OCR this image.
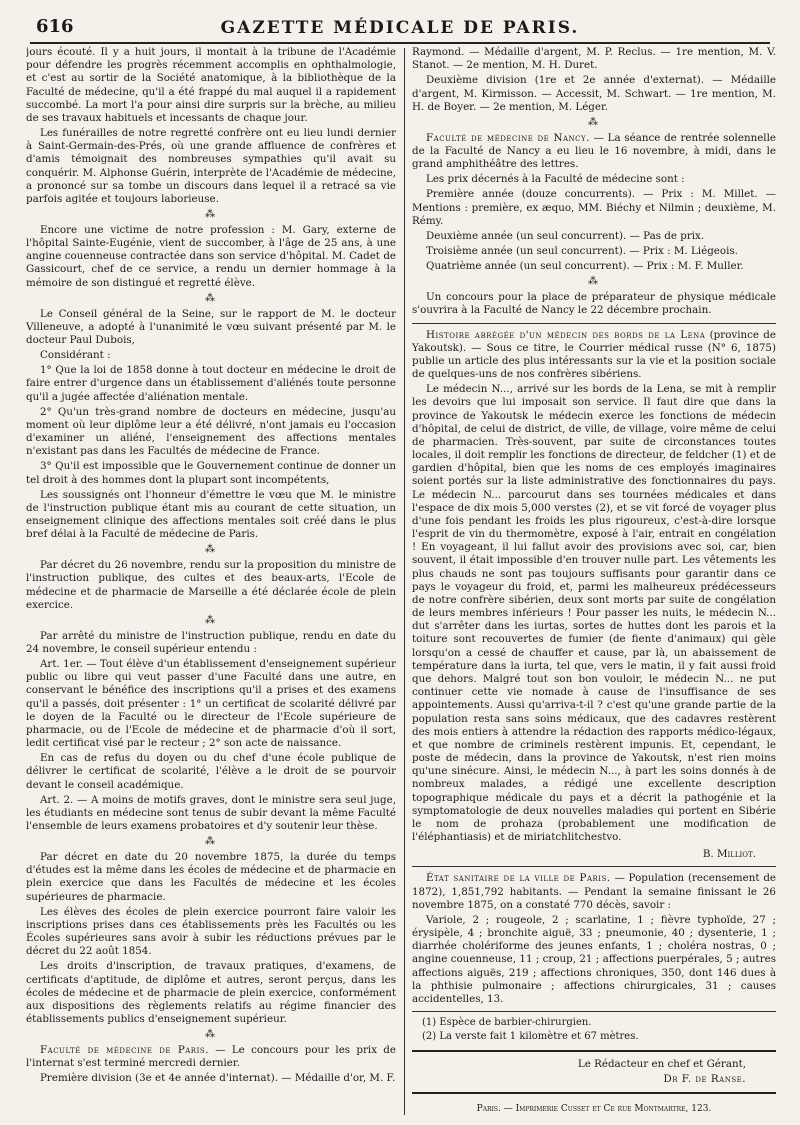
616	GAZETTE MÉDICALE DE PARIS.

jours écouté. Il y a huit jours, il montait à la tribune de l'Académie pour défendre les progrès récemment accomplis en ophthalmologie, et c'est au sortir de la Société anatomique, à la bibliothèque de la Faculté de médecine, qu'il a été frappé du mal auquel il a rapidement succombé. La mort l'a pour ainsi dire surpris sur la brèche, au milieu de ses travaux habituels et incessants de chaque jour.

Les funérailles de notre regretté confrère ont eu lieu lundi dernier à Saint-Germain-des-Prés, où une grande affluence de confrères et d'amis témoignait des nombreuses sympathies qu'il avait su conquérir. M. Alphonse Guérin, interprète de l'Académie de médecine, a prononcé sur sa tombe un discours dans lequel il a retracé sa vie parfois agitée et toujours laborieuse.

⁂

Encore une victime de notre profession : M. Gary, externe de l'hôpital Sainte-Eugénie, vient de succomber, à l'âge de 25 ans, à une angine couenneuse contractée dans son service d'hôpital. M. Cadet de Gassicourt, chef de ce service, a rendu un dernier hommage à la mémoire de son distingué et regretté élève.

⁂

Le Conseil général de la Seine, sur le rapport de M. le docteur Villeneuve, a adopté à l'unanimité le vœu suivant présenté par M. le docteur Paul Dubois,

Considérant :

1° Que la loi de 1858 donne à tout docteur en médecine le droit de faire entrer d'urgence dans un établissement d'aliénés toute personne qu'il a jugée affectée d'aliénation mentale.

2° Qu'un très-grand nombre de docteurs en médecine, jusqu'au moment où leur diplôme leur a été délivré, n'ont jamais eu l'occasion d'examiner un aliéné, l'enseignement des affections mentales n'existant pas dans les Facultés de médecine de France.

3° Qu'il est impossible que le Gouvernement continue de donner un tel droit à des hommes dont la plupart sont incompétents,

Les soussignés ont l'honneur d'émettre le vœu que M. le ministre de l'instruction publique étant mis au courant de cette situation, un enseignement clinique des affections mentales soit créé dans le plus bref délai à la Faculté de médecine de Paris.

⁂

Par décret du 26 novembre, rendu sur la proposition du ministre de l'instruction publique, des cultes et des beaux-arts, l'Ecole de médecine et de pharmacie de Marseille a été déclarée école de plein exercice.

⁂

Par arrêté du ministre de l'instruction publique, rendu en date du 24 novembre, le conseil supérieur entendu :

Art. 1er. — Tout élève d'un établissement d'enseignement supérieur public ou libre qui veut passer d'une Faculté dans une autre, en conservant le bénéfice des inscriptions qu'il a prises et des examens qu'il a passés, doit présenter : 1° un certificat de scolarité délivré par le doyen de la Faculté ou le directeur de l'Ecole supérieure de pharmacie, ou de l'Ecole de médecine et de pharmacie d'où il sort, ledit certificat visé par le recteur ; 2° son acte de naissance.

En cas de refus du doyen ou du chef d'une école publique de délivrer le certificat de scolarité, l'élève a le droit de se pourvoir devant le conseil académique.

Art. 2. — A moins de motifs graves, dont le ministre sera seul juge, les étudiants en médecine sont tenus de subir devant la même Faculté l'ensemble de leurs examens probatoires et d'y soutenir leur thèse.

⁂

Par décret en date du 20 novembre 1875, la durée du temps d'études est la même dans les écoles de médecine et de pharmacie en plein exercice que dans les Facultés de médecine et les écoles supérieures de pharmacie.

Les élèves des écoles de plein exercice pourront faire valoir les inscriptions prises dans ces établissements près les Facultés ou les Écoles supérieures sans avoir à subir les réductions prévues par le décret du 22 août 1854.

Les droits d'inscription, de travaux pratiques, d'examens, de certificats d'aptitude, de diplôme et autres, seront perçus, dans les écoles de médecine et de pharmacie de plein exercice, conformément aux dispositions des règlements relatifs au régime financier des établissements publics d'enseignement supérieur.

⁂

Faculté de médecine de Paris. — Le concours pour les prix de l'internat s'est terminé mercredi dernier.

Première division (3e et 4e année d'internat). — Médaille d'or, M. F.

Raymond. — Médaille d'argent, M. P. Reclus. — 1re mention, M. V. Stanot. — 2e mention, M. H. Duret.

Deuxième division (1re et 2e année d'externat). — Médaille d'argent, M. Kirmisson. — Accessit, M. Schwart. — 1re mention, M. H. de Boyer. — 2e mention, M. Léger.

⁂

Faculté de médecine de Nancy. — La séance de rentrée solennelle de la Faculté de Nancy a eu lieu le 16 novembre, à midi, dans le grand amphithéâtre des lettres.

Les prix décernés à la Faculté de médecine sont :

Première année (douze concurrents). — Prix : M. Millet. — Mentions : première, ex æquo, MM. Biéchy et Nilmin ; deuxième, M. Rémy.

Deuxième année (un seul concurrent). — Pas de prix.

Troisième année (un seul concurrent). — Prix : M. Liégeois.

Quatrième année (un seul concurrent). — Prix : M. F. Muller.

⁂

Un concours pour la place de préparateur de physique médicale s'ouvrira à la Faculté de Nancy le 22 décembre prochain.

Histoire abrégée d'un médecin des bords de la Lena (province de Yakoutsk). — Sous ce titre, le Courrier médical russe (N° 6, 1875) publie un article des plus intéressants sur la vie et la position sociale de quelques-uns de nos confrères sibériens.

Le médecin N..., arrivé sur les bords de la Lena, se mit à remplir les devoirs que lui imposait son service. Il faut dire que dans la province de Yakoutsk le médecin exerce les fonctions de médecin d'hôpital, de celui de district, de ville, de village, voire même de celui de pharmacien. Très-souvent, par suite de circonstances toutes locales, il doit remplir les fonctions de directeur, de feldcher (1) et de gardien d'hôpital, bien que les noms de ces employés imaginaires soient portés sur la liste administrative des fonctionnaires du pays. Le médecin N... parcourut dans ses tournées médicales et dans l'espace de dix mois 5,000 verstes (2), et se vit forcé de voyager plus d'une fois pendant les froids les plus rigoureux, c'est-à-dire lorsque l'esprit de vin du thermomètre, exposé à l'air, entrait en congélation ! En voyageant, il lui fallut avoir des provisions avec soi, car, bien souvent, il était impossible d'en trouver nulle part. Les vêtements les plus chauds ne sont pas toujours suffisants pour garantir dans ce pays le voyageur du froid, et, parmi les malheureux prédécesseurs de notre confrère sibérien, deux sont morts par suite de congélation de leurs membres inférieurs ! Pour passer les nuits, le médecin N... dut s'arrêter dans les iurtas, sortes de huttes dont les parois et la toiture sont recouvertes de fumier (de fiente d'animaux) qui gèle lorsqu'on a cessé de chauffer et cause, par là, un abaissement de température dans la iurta, tel que, vers le matin, il y fait aussi froid que dehors. Malgré tout son bon vouloir, le médecin N... ne put continuer cette vie nomade à cause de l'insuffisance de ses appointements. Aussi qu'arriva-t-il ? c'est qu'une grande partie de la population resta sans soins médicaux, que des cadavres restèrent des mois entiers à attendre la rédaction des rapports médico-légaux, et que nombre de criminels restèrent impunis. Et, cependant, le poste de médecin, dans la province de Yakoutsk, n'est rien moins qu'une sinécure. Ainsi, le médecin N..., à part les soins donnés à de nombreux malades, a rédigé une excellente description topographique médicale du pays et a décrit la pathogénie et la symptomatologie de deux nouvelles maladies qui portent en Sibérie le nom de prohaza (probablement une modification de l'éléphantiasis) et de miriatchlitchestvo.

B. Milliot.

État sanitaire de la ville de Paris. — Population (recensement de 1872), 1,851,792 habitants. — Pendant la semaine finissant le 26 novembre 1875, on a constaté 770 décès, savoir :

Variole, 2 ; rougeole, 2 ; scarlatine, 1 ; fièvre typhoïde, 27 ; érysipèle, 4 ; bronchite aiguë, 33 ; pneumonie, 40 ; dysenterie, 1 ; diarrhée cholériforme des jeunes enfants, 1 ; choléra nostras, 0 ; angine couenneuse, 11 ; croup, 21 ; affections puerpérales, 5 ; autres affections aiguës, 219 ; affections chroniques, 350, dont 146 dues à la phthisie pulmonaire ; affections chirurgicales, 31 ; causes accidentelles, 13.

(1) Espèce de barbier-chirurgien.

(2) La verste fait 1 kilomètre et 67 mètres.

Le Rédacteur en chef et Gérant,
Dr F. de Ranse.
Paris. — Imprimerie Cusset et Ce rue Montmartre, 123.
